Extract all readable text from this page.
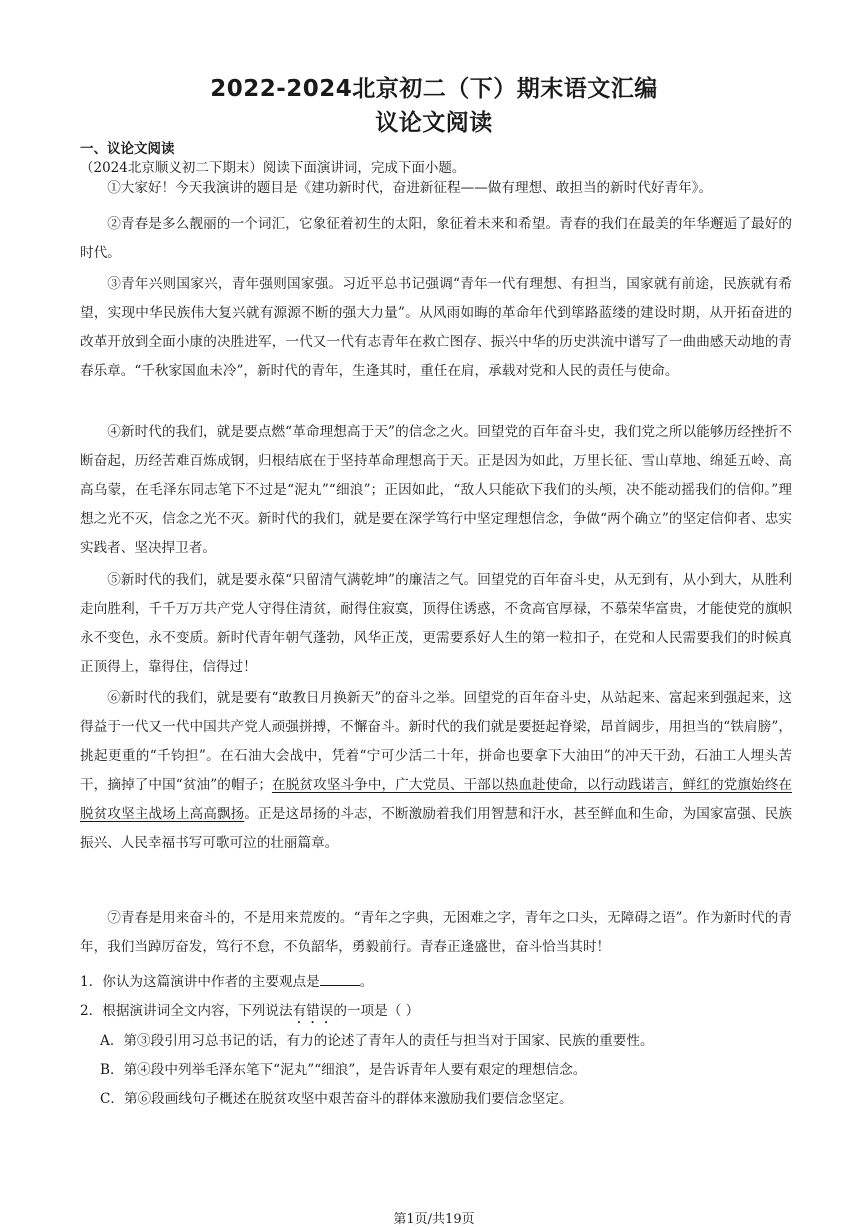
2022-2024北京初二（下）期末语文汇编
议论文阅读
一、议论文阅读
（2024北京顺义初二下期末）阅读下面演讲词，完成下面小题。
①大家好！今天我演讲的题目是《建功新时代，奋进新征程——做有理想、敢担当的新时代好青年》。
②青春是多么靓丽的一个词汇，它象征着初生的太阳，象征着未来和希望。青春的我们在最美的年华邂逅了最好的时代。
③青年兴则国家兴，青年强则国家强。习近平总书记强调“青年一代有理想、有担当，国家就有前途，民族就有希望，实现中华民族伟大复兴就有源源不断的强大力量”。从风雨如晦的革命年代到筚路蓝缕的建设时期，从开拓奋进的改革开放到全面小康的决胜进军，一代又一代有志青年在救亡图存、振兴中华的历史洪流中谱写了一曲曲感天动地的青春乐章。“千秋家国血未冷”，新时代的青年，生逢其时，重任在肩，承载对党和人民的责任与使命。
④新时代的我们，就是要点燃“革命理想高于天”的信念之火。回望党的百年奋斗史，我们党之所以能够历经挫折不断奋起，历经苦难百炼成钢，归根结底在于坚持革命理想高于天。正是因为如此，万里长征、雪山草地、绵延五岭、高高乌蒙，在毛泽东同志笔下不过是“泥丸”“细浪”；正因如此，“敌人只能砍下我们的头颅，决不能动摇我们的信仰。”理想之光不灭，信念之光不灭。新时代的我们，就是要在深学笃行中坚定理想信念，争做“两个确立”的坚定信仰者、忠实实践者、坚决捍卫者。
⑤新时代的我们，就是要永葆“只留清气满乾坤”的廉洁之气。回望党的百年奋斗史，从无到有，从小到大，从胜利走向胜利，千千万万共产党人守得住清贫，耐得住寂寞，顶得住诱惑，不贪高官厚禄，不慕荣华富贵，才能使党的旗帜永不变色，永不变质。新时代青年朝气蓬勃，风华正茂，更需要系好人生的第一粒扣子，在党和人民需要我们的时候真正顶得上，靠得住，信得过！
⑥新时代的我们，就是要有“敢教日月换新天”的奋斗之举。回望党的百年奋斗史，从站起来、富起来到强起来，这得益于一代又一代中国共产党人顽强拼搏，不懈奋斗。新时代的我们就是要挺起脊梁，昂首阔步，用担当的“铁肩膀”，挑起更重的“千钧担”。在石油大会战中，凭着“宁可少活二十年，拼命也要拿下大油田”的冲天干劲，石油工人埋头苦干，摘掉了中国“贫油”的帽子；在脱贫攻坚斗争中，广大党员、干部以热血赴使命，以行动践诺言，鲜红的党旗始终在脱贫攻坚主战场上高高飘扬。正是这昂扬的斗志，不断激励着我们用智慧和汗水，甚至鲜血和生命，为国家富强、民族振兴、人民幸福书写可歌可泣的壮丽篇章。
⑦青春是用来奋斗的，不是用来荒废的。“青年之字典，无困难之字，青年之口头，无障碍之语”。作为新时代的青年，我们当踔厉奋发，笃行不怠，不负韶华，勇毅前行。青春正逢盛世，奋斗恰当其时！
1．你认为这篇演讲中作者的主要观点是	。
2．根据演讲词全文内容，下列说法有错误的一项是（ ）
A．第③段引用习总书记的话，有力的论述了青年人的责任与担当对于国家、民族的重要性。
B．第④段中列举毛泽东笔下“泥丸”“细浪”，是告诉青年人要有艰定的理想信念。
C．第⑥段画线句子概述在脱贫攻坚中艰苦奋斗的群体来激励我们要信念坚定。
第1页/共19页
